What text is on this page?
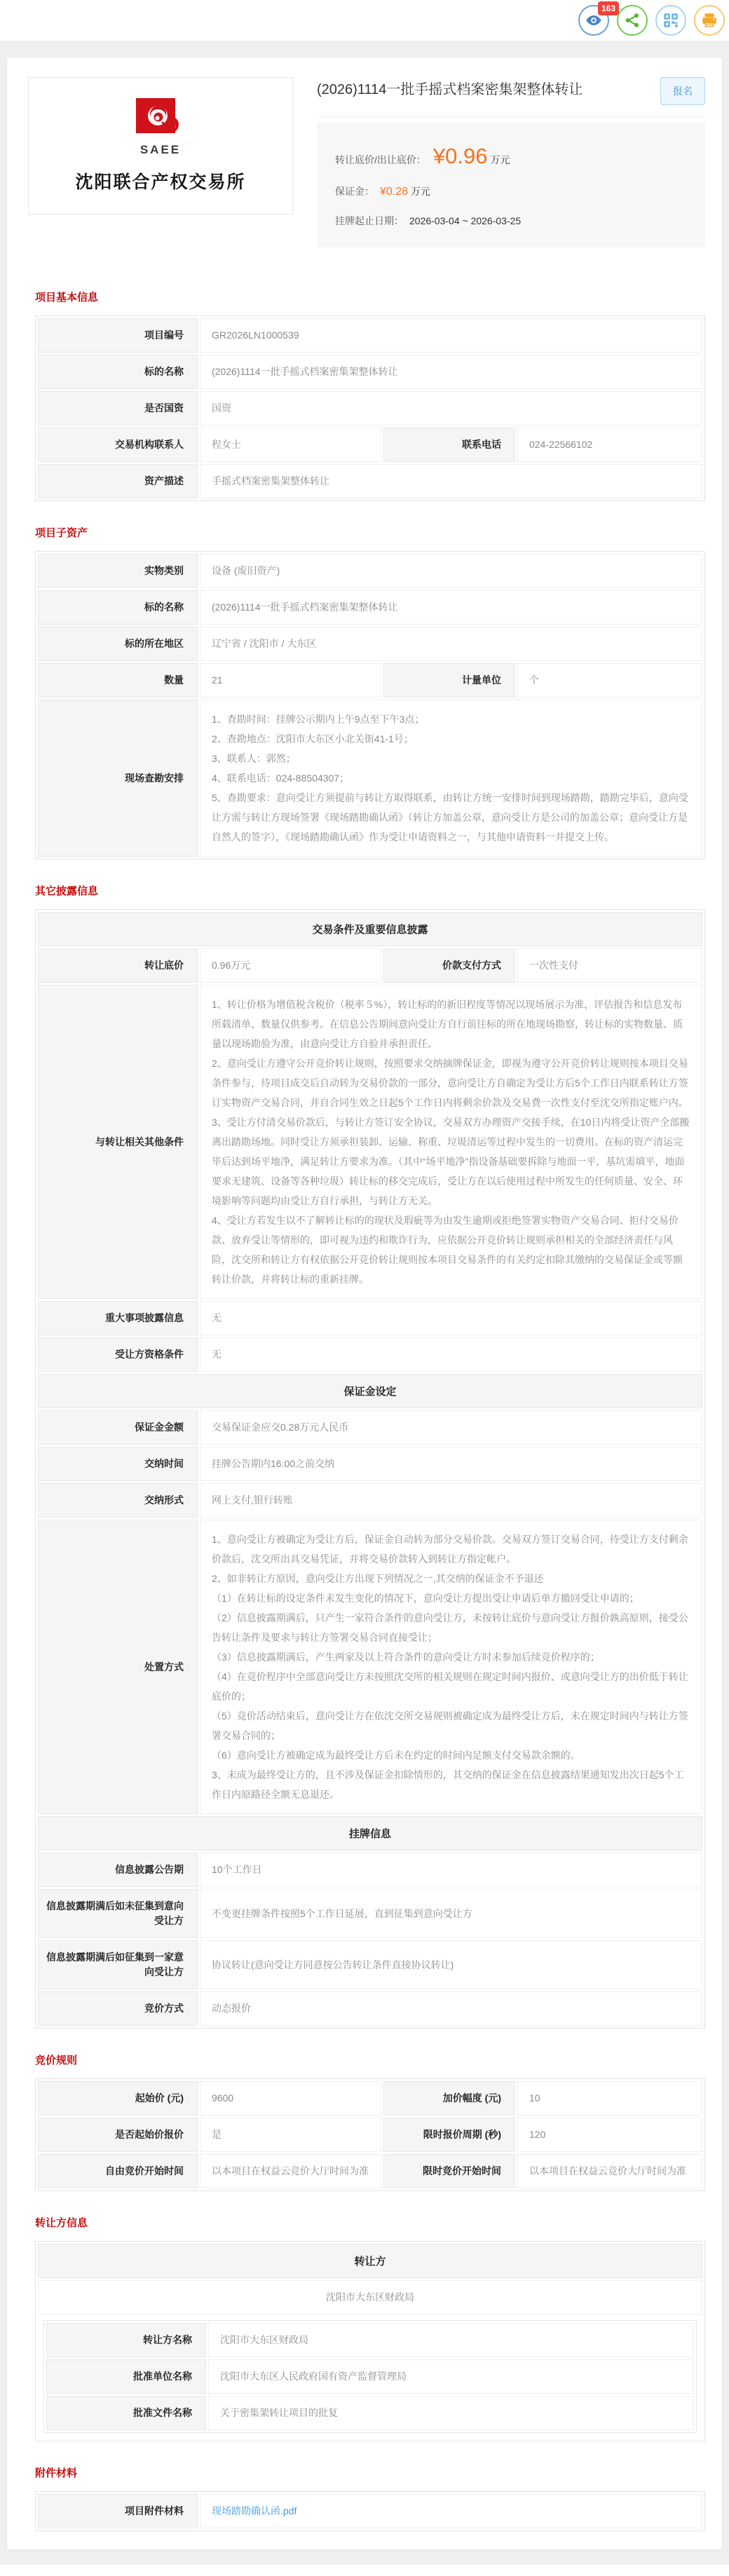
163
SAEE
沈阳联合产权交易所
(2026)1114一批手摇式档案密集架整体转让	报名
转让底价/出让底价： ¥0.96 万元
保证金： ¥0.28 万元
挂牌起止日期： 2026-03-04 ~ 2026-03-25
项目基本信息
项目编号	GR2026LN1000539
标的名称	(2026)1114一批手摇式档案密集架整体转让
是否国资	国资
交易机构联系人	程女士	联系电话	024-22566102
资产描述	手摇式档案密集架整体转让
项目子资产
实物类别	设备 (废旧资产)
标的名称	(2026)1114一批手摇式档案密集架整体转让
标的所在地区	辽宁省 / 沈阳市 / 大东区
数量	21	计量单位	个
现场查勘安排
1、查勘时间：挂牌公示期内上午9点至下午3点；
2、查勘地点：沈阳市大东区小北关街41-1号；
3、联系人：郭然；
4、联系电话：024-88504307；
5、查勘要求：意向受让方须提前与转让方取得联系，由转让方统一安排时间到现场踏勘，踏勘完毕后，意向受让方需与转让方现场签署《现场踏勘确认函》（转让方加盖公章，意向受让方是公司的加盖公章；意向受让方是自然人的签字），《现场踏勘确认函》作为受让申请资料之一，与其他申请资料一并提交上传。
其它披露信息
交易条件及重要信息披露
转让底价	0.96万元	价款支付方式	一次性支付
与转让相关其他条件
1、转让价格为增值税含税价（税率５%），转让标的的新旧程度等情况以现场展示为准，评估报告和信息发布所载清单、数量仅供参考。在信息公告期间意向受让方自行前往标的所在地现场勘察，转让标的实物数量、质量以现场勘验为准，由意向受让方自验并承担责任。
2、意向受让方遵守公开竞价转让规则，按照要求交纳摘牌保证金，即视为遵守公开竞价转让规则按本项目交易条件参与，待项目成交后自动转为交易价款的一部分，意向受让方自确定为受让方后5个工作日内联系转让方签订实物资产交易合同，并自合同生效之日起5个工作日内将剩余价款及交易费一次性支付至沈交所指定账户内。
3、受让方付清交易价款后，与转让方签订安全协议，交易双方办理资产交接手续，在10日内将受让资产全部搬离出踏勘场地。同时受让方须承担装卸、运输、称重、垃圾清运等过程中发生的一切费用。在标的资产清运完毕后达到场平地净，满足转让方要求为准。（其中“场平地净”指设备基础要拆除与地面一平，基坑需填平，地面要求无建筑、设备等各种垃圾）转让标的移交完成后，受让方在以后使用过程中所发生的任何质量、安全、环境影响等问题均由受让方自行承担，与转让方无关。
4、受让方若发生以不了解转让标的的现状及瑕疵等为由发生逾期或拒绝签署实物资产交易合同、拒付交易价款、放弃受让等情形的，即可视为违约和欺诈行为，应依据公开竞价转让规则承担相关的全部经济责任与风险，沈交所和转让方有权依据公开竞价转让规则按本项目交易条件的有关约定扣除其缴纳的交易保证金或等额转让价款，并将转让标的重新挂牌。
重大事项披露信息	无
受让方资格条件	无
保证金设定
保证金金额	交易保证金应交0.28万元人民币
交纳时间	挂牌公告期内16:00之前交纳
交纳形式	网上支付,银行转账
处置方式
1、意向受让方被确定为受让方后，保证金自动转为部分交易价款。交易双方签订交易合同，待受让方支付剩余价款后，沈交所出具交易凭证，并将交易价款转入到转让方指定帐户。
2、如非转让方原因，意向受让方出现下列情况之一,其交纳的保证金不予退还
（1）在转让标的设定条件未发生变化的情况下，意向受让方提出受让申请后单方撤回受让申请的；
（2）信息披露期满后，只产生一家符合条件的意向受让方，未按转让底价与意向受让方报价孰高原则，接受公告转让条件及要求与转让方签署交易合同直接受让；
（3）信息披露期满后，产生两家及以上符合条件的意向受让方时未参加后续竞价程序的；
（4）在竞价程序中全部意向受让方未按照沈交所的相关规则在规定时间内报价、或意向受让方的出价低于转让底价的；
（5）竞价活动结束后，意向受让方在依沈交所交易规则被确定成为最终受让方后，未在规定时间内与转让方签署交易合同的；
（6）意向受让方被确定成为最终受让方后未在约定的时间内足额支付交易款余额的。
3、未成为最终受让方的，且不涉及保证金扣除情形的，其交纳的保证金在信息披露结果通知发出次日起5个工作日内原路径全额无息退还。
挂牌信息
信息披露公告期	10个工作日
信息披露期满后如未征集到意向受让方
不变更挂牌条件按照5个工作日延展，直到征集到意向受让方
信息披露期满后如征集到一家意向受让方
协议转让(意向受让方同意按公告转让条件直接协议转让)
竞价方式	动态报价
竞价规则
起始价 (元)	9600	加价幅度 (元)	10
是否起始价报价	是	限时报价周期 (秒)	120
自由竞价开始时间	以本项目在权益云竞价大厅时间为准	限时竞价开始时间	以本项目在权益云竞价大厅时间为准
转让方信息
转让方
沈阳市大东区财政局
转让方名称	沈阳市大东区财政局
批准单位名称	沈阳市大东区人民政府国有资产监督管理局
批准文件名称	关于密集架转让项目的批复
附件材料
项目附件材料	现场踏勘确认函.pdf
